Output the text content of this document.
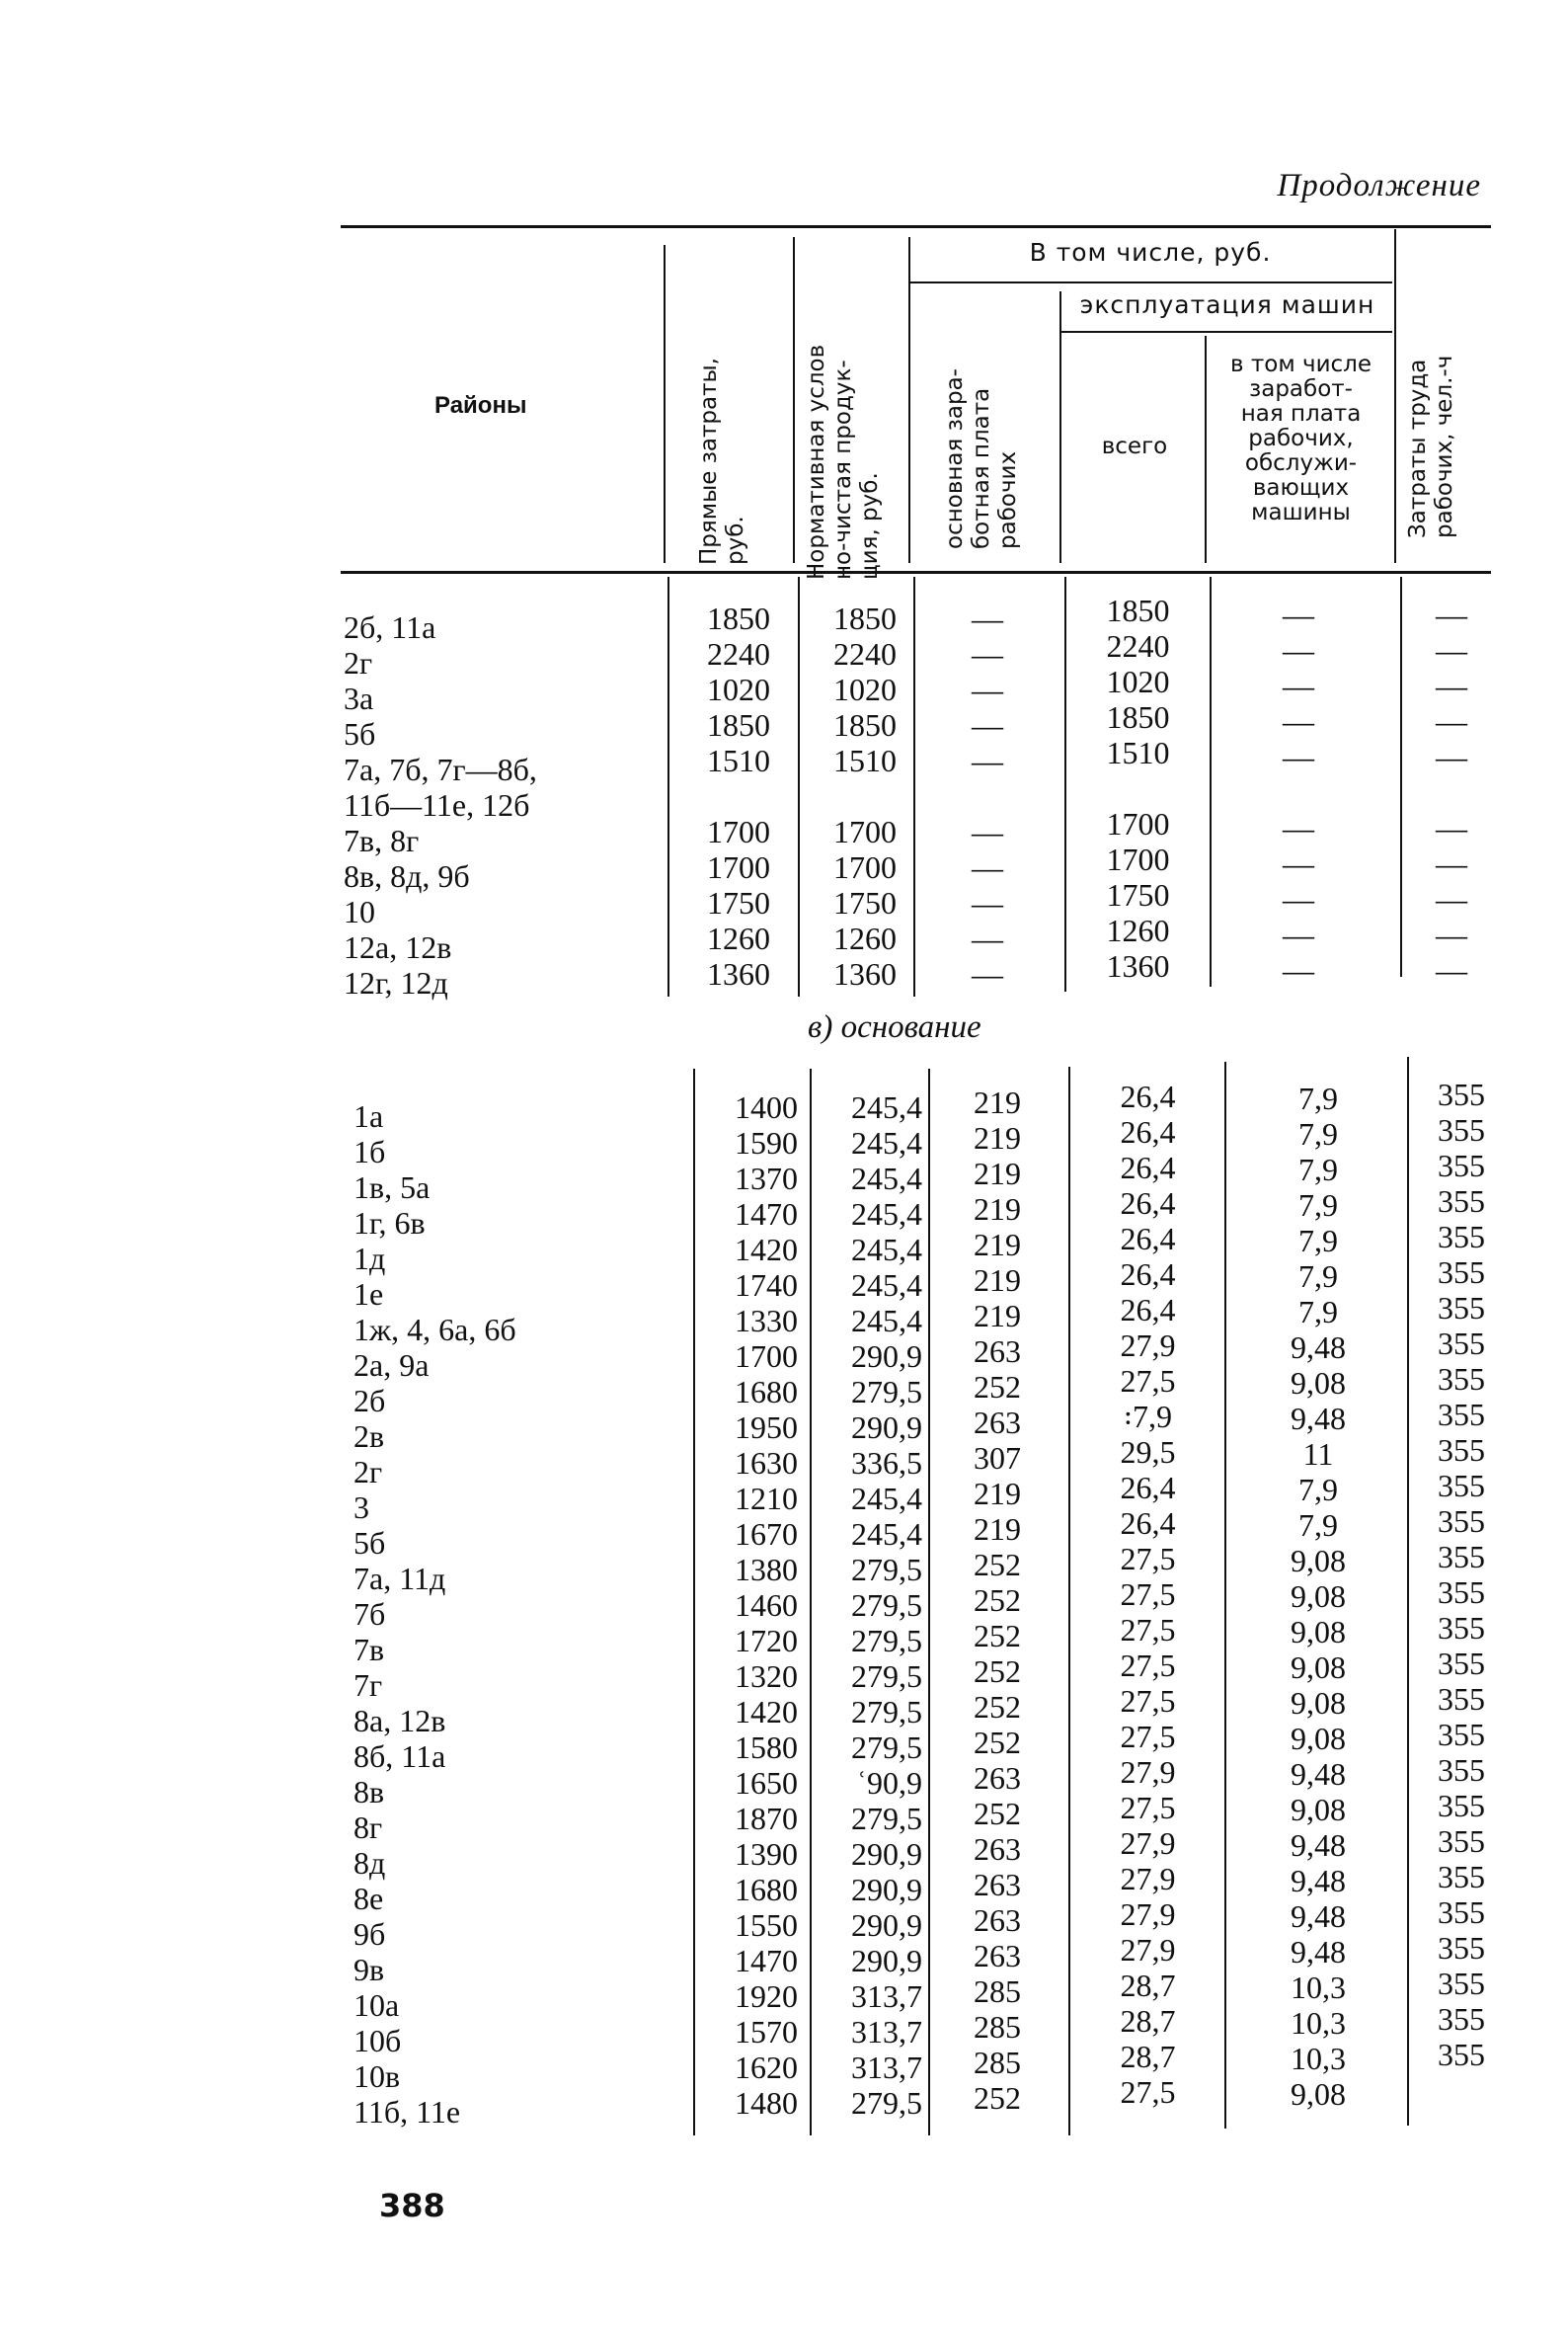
Продолжение
Районы	Прямые затраты, руб. Нормативная услов но-чистая продук- ция, руб.
В том числе, руб.
основная зара- ботная плата рабочих
эксплуатация машин
всего
в том числе
заработ-
ная плата
рабочих,
обслужи-
вающих
машины	Затраты труда рабочих, чел.-ч
2б, 11а
2г
3а
5б
7а, 7б, 7г—8б,
11б—11е, 12б
7в, 8г
8в, 8д, 9б
10
12а, 12в
12г, 12д
1850
2240
1020
1850
1510
1700
1700
1750
1260
1360
1850
2240
1020
1850
1510
1700
1700
1750
1260
1360
—
—
—
—
—
—
—
—
—
—
1850
2240
1020
1850
1510
1700
1700
1750
1260
1360
—
—
—
—
—
—
—
—
—
—
—
—
—
—
—
—
—
—
—
—
в) основание
1а
1б
1в, 5а
1г, 6в
1д
1е
1ж, 4, 6а, 6б
2а, 9а
2б
2в
2г
3
5б
7а, 11д
7б
7в
7г
8а, 12в
8б, 11а
8в
8г
8д
8е
9б
9в
10а
10б
10в
11б, 11е
1400
1590
1370
1470
1420
1740
1330
1700
1680
1950
1630
1210
1670
1380
1460
1720
1320
1420
1580
1650
1870
1390
1680
1550
1470
1920
1570
1620
1480
245,4
245,4
245,4
245,4
245,4
245,4
245,4
290,9
279,5
290,9
336,5
245,4
245,4
279,5
279,5
279,5
279,5
279,5
279,5
ʿ90,9
279,5
290,9
290,9
290,9
290,9
313,7
313,7
313,7
279,5
219
219
219
219
219
219
219
263
252
263
307
219
219
252
252
252
252
252
252
263
252
263
263
263
263
285
285
285
252
26,4
26,4
26,4
26,4
26,4
26,4
26,4
27,9
27,5
꞉7,9
29,5
26,4
26,4
27,5
27,5
27,5
27,5
27,5
27,5
27,9
27,5
27,9
27,9
27,9
27,9
28,7
28,7
28,7
27,5
7,9
7,9
7,9
7,9
7,9
7,9
7,9
9,48
9,08
9,48
11
7,9
7,9
9,08
9,08
9,08
9,08
9,08
9,08
9,48
9,08
9,48
9,48
9,48
9,48
10,3
10,3
10,3
9,08
355
355
355
355
355
355
355
355
355
355
355
355
355
355
355
355
355
355
355
355
355
355
355
355
355
355
355
355
388
